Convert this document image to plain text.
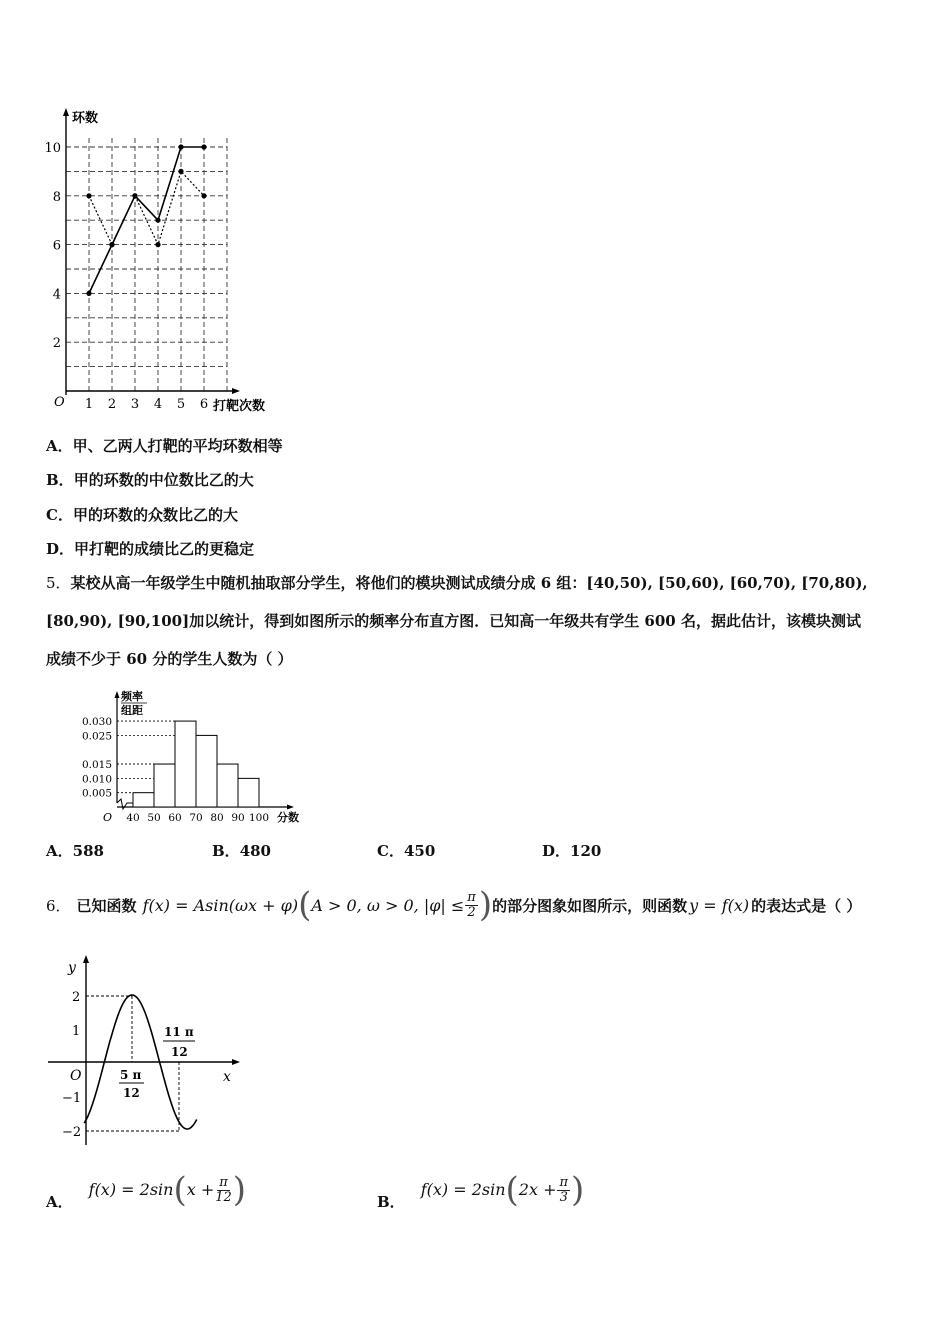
环数
打靶次数
O
2
4
6
8
10
1 2 3 4 5 6
A．甲、乙两人打靶的平均环数相等
B．甲的环数的中位数比乙的大
C．甲的环数的众数比乙的大
D．甲打靶的成绩比乙的更稳定
5．某校从高一年级学生中随机抽取部分学生，将他们的模块测试成绩分成 6 组：[40,50), [50,60), [60,70), [70,80),
[80,90), [90,100]加以统计，得到如图所示的频率分布直方图．已知高一年级共有学生 600 名，据此估计，该模块测试
成绩不少于 60 分的学生人数为（ ）
频率
组距
分数
O
0.005
0.010
0.015
0.025
0.030
40 50 60 70 80 90 100
A．588	B．480	C．450	D．120
6． 已知函数 f(x) = Asin(ωx + φ) ( A > 0, ω > 0, $|\varphi| \le \frac{\pi}{2}$ ) 的部分图象如图所示，则函数 y = f(x) 的表达式是（ ）
y
x
O
2
1
−1
−2
5 π
12
11 π
12
A．
f(x) = 2sin ( $x + \frac{\pi}{12}$ )	B．
f(x) = 2sin ( $2x + \frac{\pi}{3}$ )
